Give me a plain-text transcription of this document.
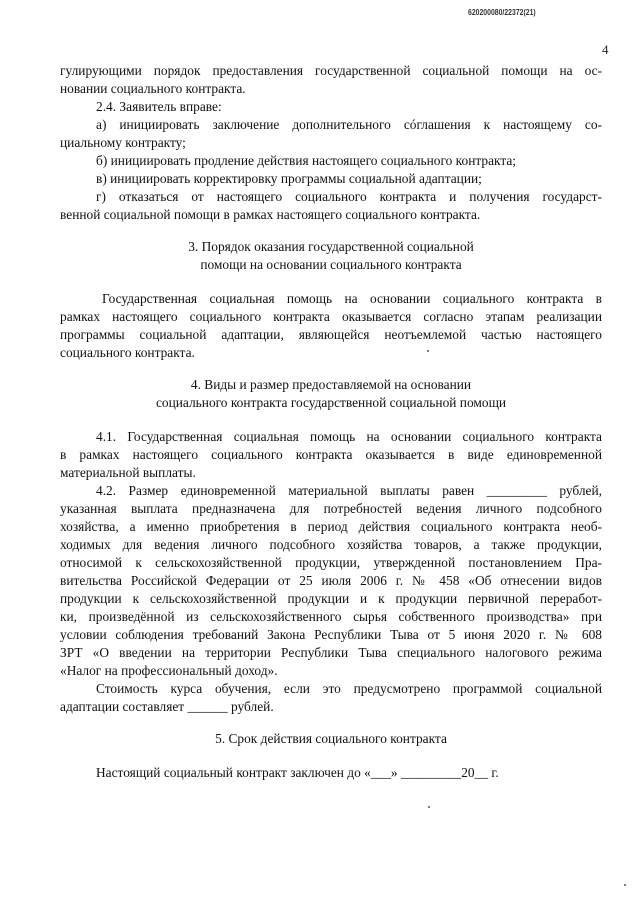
620200080/22372(21)
4
гулирующими порядок предоставления государственной социальной помощи на ос-
новании социального контракта.
2.4. Заявитель вправе:
а) инициировать заключение дополнительного сóглашения к настоящему со-
циальному контракту;
б) инициировать продление действия настоящего социального контракта;
в) инициировать корректировку программы социальной адаптации;
г) отказаться от настоящего социального контракта и получения государст-
венной социальной помощи в рамках настоящего социального контракта.
3. Порядок оказания государственной социальной
помощи на основании социального контракта
Государственная социальная помощь на основании социального контракта в
рамках настоящего социального контракта оказывается согласно этапам реализации
программы социальной адаптации, являющейся неотъемлемой частью настоящего
социального контракта.
4. Виды и размер предоставляемой на основании
социального контракта государственной социальной помощи
4.1. Государственная социальная помощь на основании социального контракта
в рамках настоящего социального контракта оказывается в виде единовременной
материальной выплаты.
4.2. Размер единовременной материальной выплаты равен _________ рублей,
указанная выплата предназначена для потребностей ведения личного подсобного
хозяйства, а именно приобретения в период действия социального контракта необ-
ходимых для ведения личного подсобного хозяйства товаров, а также продукции,
относимой к сельскохозяйственной продукции, утвержденной постановлением Пра-
вительства Российской Федерации от 25 июля 2006 г. № 458 «Об отнесении видов
продукции к сельскохозяйственной продукции и к продукции первичной переработ-
ки, произведённой из сельскохозяйственного сырья собственного производства» при
условии соблюдения требований Закона Республики Тыва от 5 июня 2020 г. № 608
ЗРТ «О введении на территории Республики Тыва специального налогового режима
«Налог на профессиональный доход».
Стоимость курса обучения, если это предусмотрено программой социальной
адаптации составляет ______ рублей.
5. Срок действия социального контракта
Настоящий социальный контракт заключен до «___» _________20__ г.
